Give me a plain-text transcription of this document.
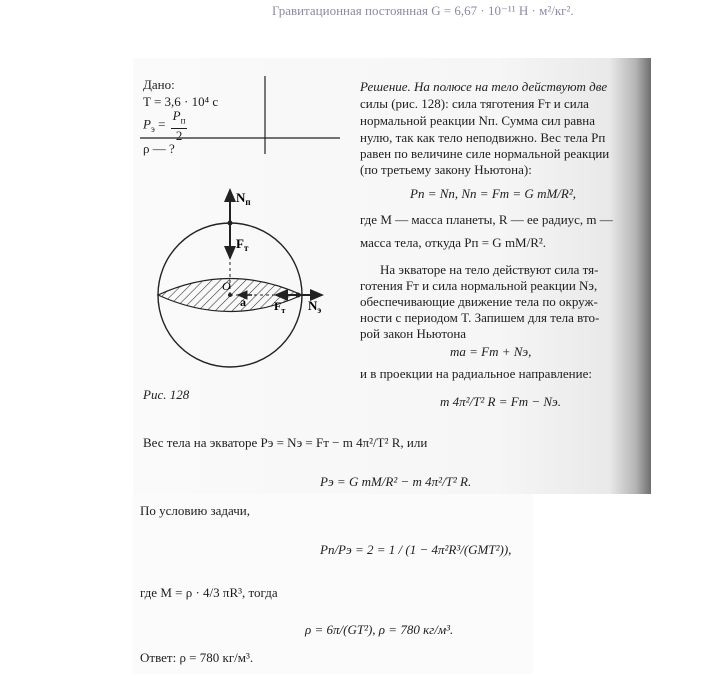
Гравитационная постоянная G = 6,67 · 10⁻¹¹ Н · м²/кг².
Дано:
T = 3,6 · 10⁴ с
$P_э = \frac{P_п}{2}$
ρ — ?
$N_п$
$F_т$
O
a $F_т$ $N_э$
Рис. 128
Решение. На полюсе на тело действуют две
силы (рис. 128): сила тяготения Fт и сила
нормальной реакции Nп. Сумма сил равна
нулю, так как тело неподвижно. Вес тела Pп
равен по величине силе нормальной реакции
(по третьему закону Ньютона):
Pп = Nп, Nп = Fт = G mM/R²,
где M — масса планеты, R — ее радиус, m —
масса тела, откуда Pп = G mM/R².
На экваторе на тело действуют сила тя-
готения Fт и сила нормальной реакции Nэ,
обеспечивающие движение тела по окруж-
ности с периодом T. Запишем для тела вто-
рой закон Ньютона
ma = Fт + Nэ,
и в проекции на радиальное направление:
m 4π²/T² R = Fт − Nэ.
Вес тела на экваторе Pэ = Nэ = Fт − m 4π²/T² R, или
Pэ = G mM/R² − m 4π²/T² R.
По условию задачи,
Pп/Pэ = 2 = 1 / (1 − 4π²R³/(GMT²)),
где M = ρ · 4/3 πR³, тогда
ρ = 6π/(GT²), ρ = 780 кг/м³.
Ответ: ρ = 780 кг/м³.
